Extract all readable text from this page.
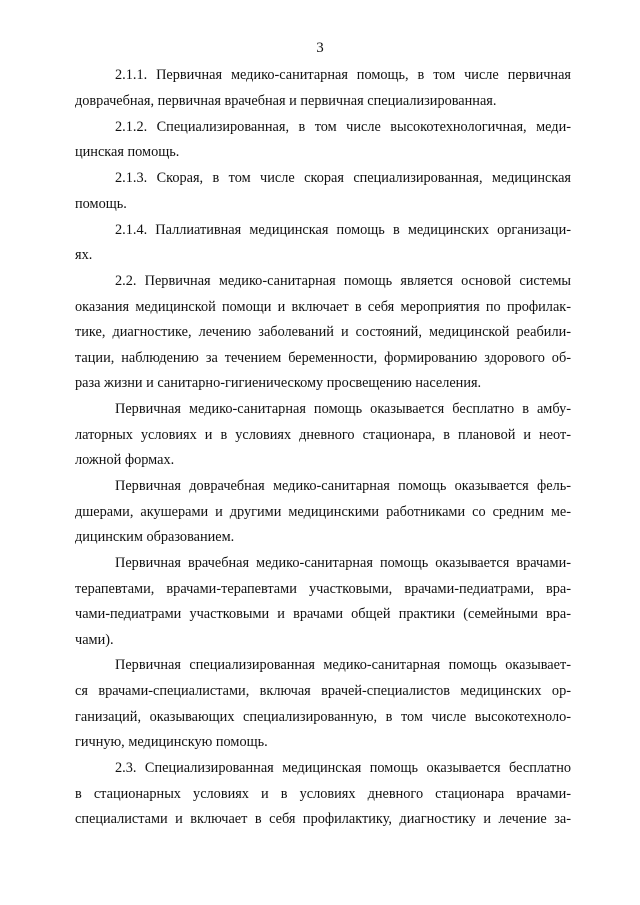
3
2.1.1. Первичная медико-санитарная помощь, в том числе первичная
доврачебная, первичная врачебная и первичная специализированная.
2.1.2. Специализированная, в том числе высокотехнологичная, меди-
цинская помощь.
2.1.3. Скорая, в том числе скорая специализированная, медицинская
помощь.
2.1.4. Паллиативная медицинская помощь в медицинских организаци-
ях.
2.2. Первичная медико-санитарная помощь является основой системы
оказания медицинской помощи и включает в себя мероприятия по профилак-
тике, диагностике, лечению заболеваний и состояний, медицинской реабили-
тации, наблюдению за течением беременности, формированию здорового об-
раза жизни и санитарно-гигиеническому просвещению населения.
Первичная медико-санитарная помощь оказывается бесплатно в амбу-
латорных условиях и в условиях дневного стационара, в плановой и неот-
ложной формах.
Первичная доврачебная медико-санитарная помощь оказывается фель-
дшерами, акушерами и другими медицинскими работниками со средним ме-
дицинским образованием.
Первичная врачебная медико-санитарная помощь оказывается врачами-
терапевтами, врачами-терапевтами участковыми, врачами-педиатрами, вра-
чами-педиатрами участковыми и врачами общей практики (семейными вра-
чами).
Первичная специализированная медико-санитарная помощь оказывает-
ся врачами-специалистами, включая врачей-специалистов медицинских ор-
ганизаций, оказывающих специализированную, в том числе высокотехноло-
гичную, медицинскую помощь.
2.3. Специализированная медицинская помощь оказывается бесплатно
в стационарных условиях и в условиях дневного стационара врачами-
специалистами и включает в себя профилактику, диагностику и лечение за-
